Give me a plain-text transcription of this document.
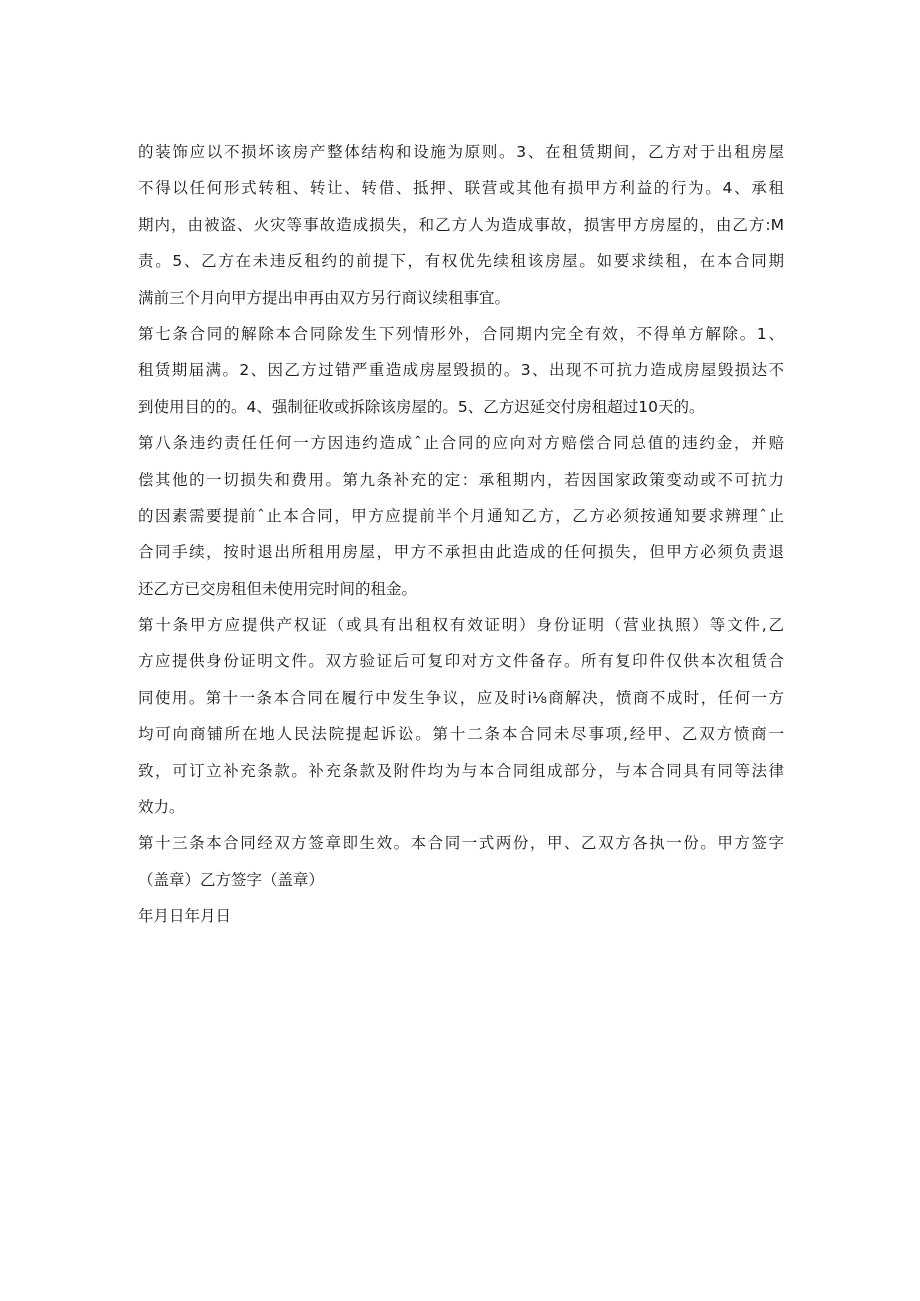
的装饰应以不损坏该房产整体结构和设施为原则。3、在租赁期间，乙方对于出租房屋
不得以任何形式转租、转让、转借、抵押、联营或其他有损甲方利益的行为。4、承租
期内，由被盗、火灾等事故造成损失，和乙方人为造成事故，损害甲方房屋的，由乙方:M
责。5、乙方在未违反租约的前提下，有权优先续租该房屋。如要求续租，在本合同期
满前三个月向甲方提出申再由双方另行商议续租事宜。
第七条合同的解除本合同除发生下列情形外，合同期内完全有效，不得单方解除。1、
租赁期届满。2、因乙方过错严重造成房屋毁损的。3、出现不可抗力造成房屋毁损达不
到使用目的的。4、强制征收或拆除该房屋的。5、乙方迟延交付房租超过10天的。
第八条违约责任任何一方因违约造成ˆ止合同的应向对方赔偿合同总值的违约金，并赔
偿其他的一切损失和费用。第九条补充的定：承租期内，若因国家政策变动或不可抗力
的因素需要提前ˆ止本合同，甲方应提前半个月通知乙方，乙方必须按通知要求辨理ˆ止
合同手续，按时退出所租用房屋，甲方不承担由此造成的任何损失，但甲方必须负责退
还乙方已交房租但未使用完时间的租金。
第十条甲方应提供产权证（或具有出租权有效证明）身份证明（营业执照）等文件,乙
方应提供身份证明文件。双方验证后可复印对方文件备存。所有复印件仅供本次租赁合
同使用。第十一条本合同在履行中发生争议，应及时i⅛商解决，愤商不成时，任何一方
均可向商铺所在地人民法院提起诉讼。第十二条本合同未尽事项,经甲、乙双方愤商一
致，可订立补充条款。补充条款及附件均为与本合同组成部分，与本合同具有同等法律
效力。
第十三条本合同经双方签章即生效。本合同一式两份，甲、乙双方各执一份。甲方签字
（盖章）乙方签字（盖章）
年月日年月日
